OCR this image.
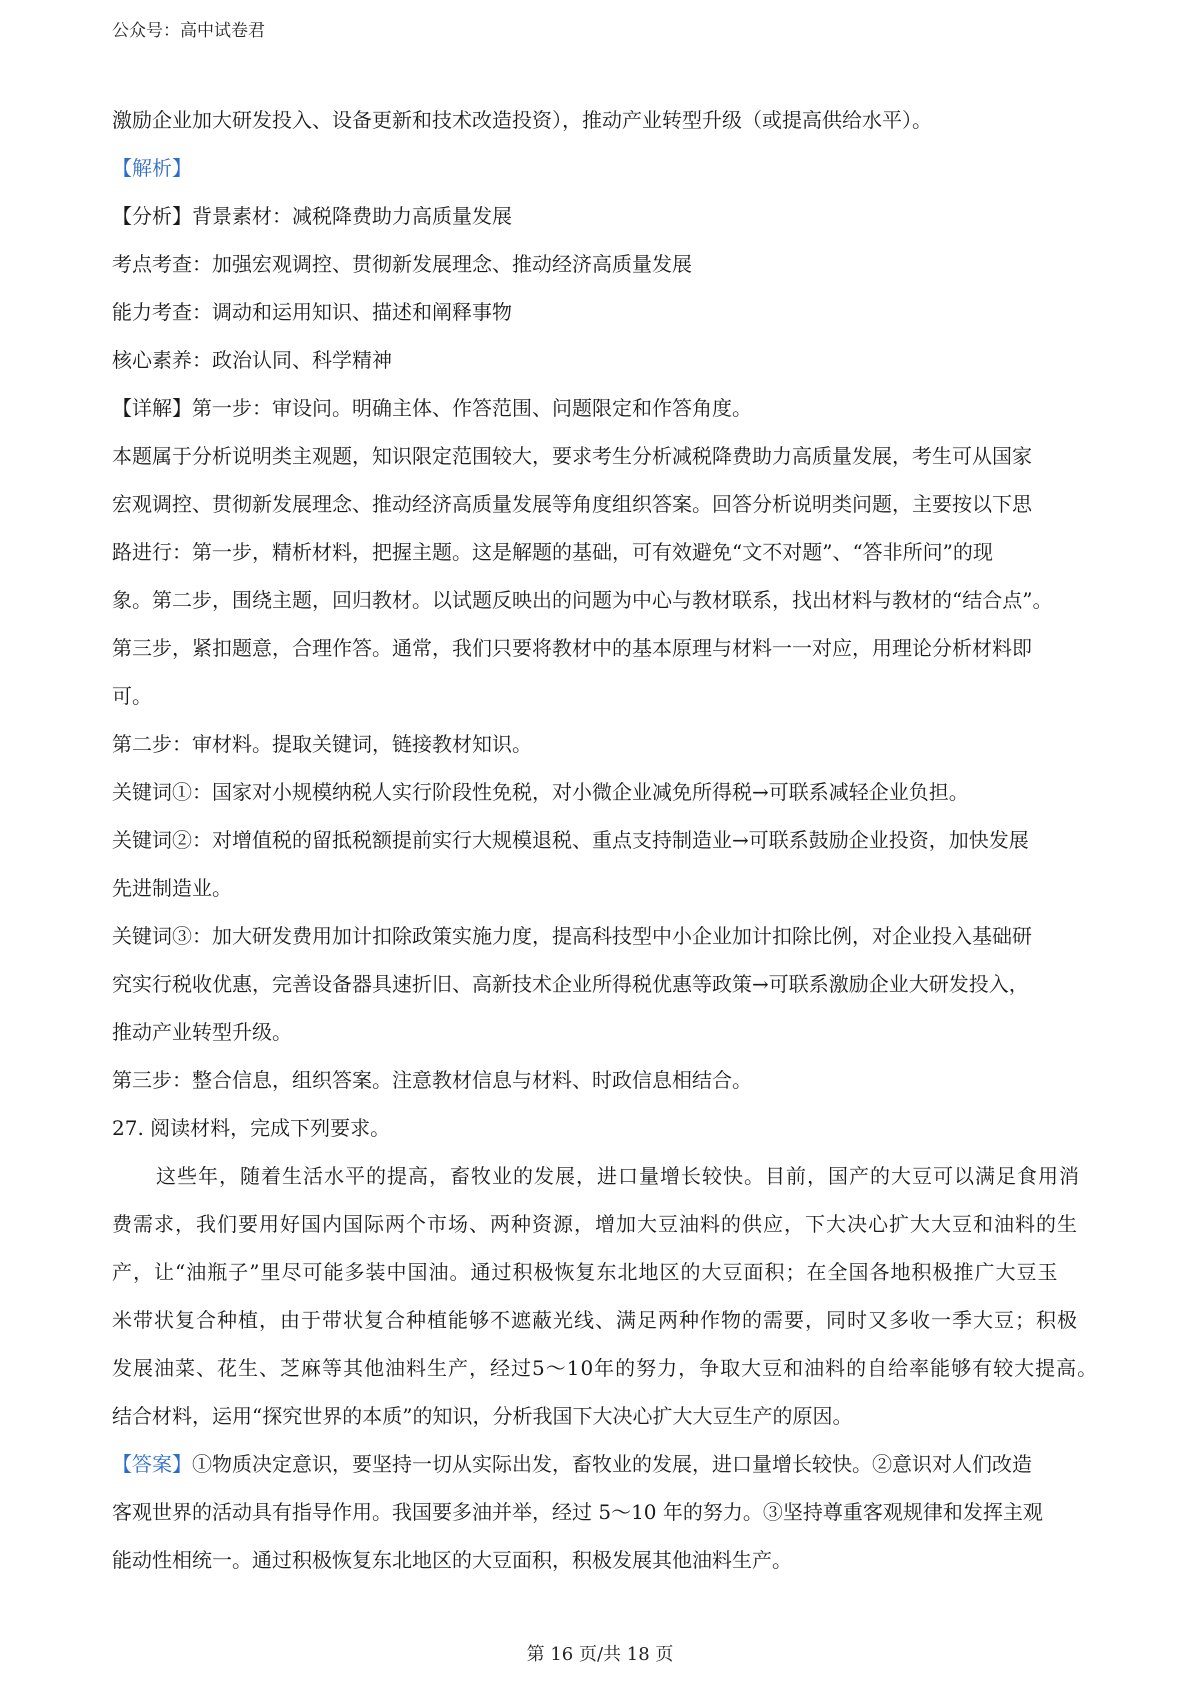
公众号：高中试卷君
激励企业加大研发投入、设备更新和技术改造投资），推动产业转型升级（或提高供给水平）。
【解析】
【分析】背景素材：减税降费助力高质量发展
考点考查：加强宏观调控、贯彻新发展理念、推动经济高质量发展
能力考查：调动和运用知识、描述和阐释事物
核心素养：政治认同、科学精神
【详解】第一步：审设问。明确主体、作答范围、问题限定和作答角度。
本题属于分析说明类主观题，知识限定范围较大，要求考生分析减税降费助力高质量发展，考生可从国家
宏观调控、贯彻新发展理念、推动经济高质量发展等角度组织答案。回答分析说明类问题，主要按以下思
路进行：第一步，精析材料，把握主题。这是解题的基础，可有效避免“文不对题”、“答非所问”的现
象。第二步，围绕主题，回归教材。以试题反映出的问题为中心与教材联系，找出材料与教材的“结合点”。
第三步，紧扣题意，合理作答。通常，我们只要将教材中的基本原理与材料一一对应，用理论分析材料即
可。
第二步：审材料。提取关键词，链接教材知识。
关键词①：国家对小规模纳税人实行阶段性免税，对小微企业减免所得税→可联系减轻企业负担。
关键词②：对增值税的留抵税额提前实行大规模退税、重点支持制造业→可联系鼓励企业投资，加快发展
先进制造业。
关键词③：加大研发费用加计扣除政策实施力度，提高科技型中小企业加计扣除比例，对企业投入基础研
究实行税收优惠，完善设备器具速折旧、高新技术企业所得税优惠等政策→可联系激励企业大研发投入，
推动产业转型升级。
第三步：整合信息，组织答案。注意教材信息与材料、时政信息相结合。
27. 阅读材料，完成下列要求。
这些年，随着生活水平的提高，畜牧业的发展，进口量增长较快。目前，国产的大豆可以满足食用消
费需求，我们要用好国内国际两个市场、两种资源，增加大豆油料的供应，下大决心扩大大豆和油料的生
产，让“油瓶子”里尽可能多装中国油。通过积极恢复东北地区的大豆面积；在全国各地积极推广大豆玉
米带状复合种植，由于带状复合种植能够不遮蔽光线、满足两种作物的需要，同时又多收一季大豆；积极
发展油菜、花生、芝麻等其他油料生产，经过5～10年的努力，争取大豆和油料的自给率能够有较大提高。
结合材料，运用“探究世界的本质”的知识，分析我国下大决心扩大大豆生产的原因。
【答案】①物质决定意识，要坚持一切从实际出发，畜牧业的发展，进口量增长较快。②意识对人们改造
客观世界的活动具有指导作用。我国要多油并举，经过 5～10 年的努力。③坚持尊重客观规律和发挥主观
能动性相统一。通过积极恢复东北地区的大豆面积，积极发展其他油料生产。
第 16 页/共 18 页
